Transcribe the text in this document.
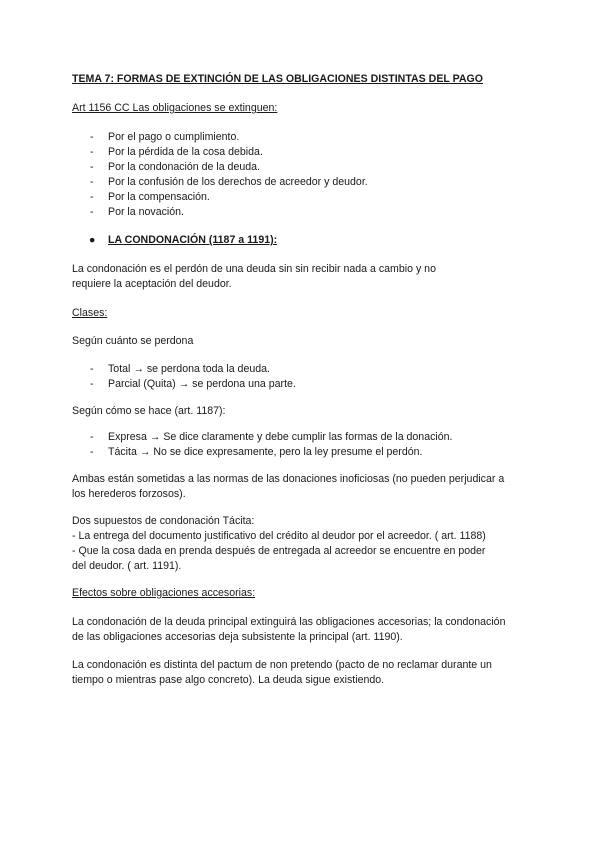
TEMA 7: FORMAS DE EXTINCIÓN DE LAS OBLIGACIONES DISTINTAS DEL PAGO
Art 1156 CC Las obligaciones se extinguen:
- Por el pago o cumplimiento.
- Por la pérdida de la cosa debida.
- Por la condonación de la deuda.
- Por la confusión de los derechos de acreedor y deudor.
- Por la compensación.
- Por la novación.
● LA CONDONACIÓN (1187 a 1191):
La condonación es el perdón de una deuda sin sin recibir nada a cambio y no
requiere la aceptación del deudor.
Clases:
Según cuánto se perdona
- Total → se perdona toda la deuda.
- Parcial (Quita) → se perdona una parte.
Según cómo se hace (art. 1187):
- Expresa → Se dice claramente y debe cumplir las formas de la donación.
- Tácita → No se dice expresamente, pero la ley presume el perdón.
Ambas están sometidas a las normas de las donaciones inoficiosas (no pueden perjudicar a
los herederos forzosos).
Dos supuestos de condonación Tácita:
- La entrega del documento justificativo del crédito al deudor por el acreedor. ( art. 1188)
- Que la cosa dada en prenda después de entregada al acreedor se encuentre en poder
del deudor. ( art. 1191).
Efectos sobre obligaciones accesorias:
La condonación de la deuda principal extinguirá las obligaciones accesorias; la condonación
de las obligaciones accesorias deja subsistente la principal (art. 1190).
La condonación es distinta del pactum de non pretendo (pacto de no reclamar durante un
tiempo o mientras pase algo concreto). La deuda sigue existiendo.
